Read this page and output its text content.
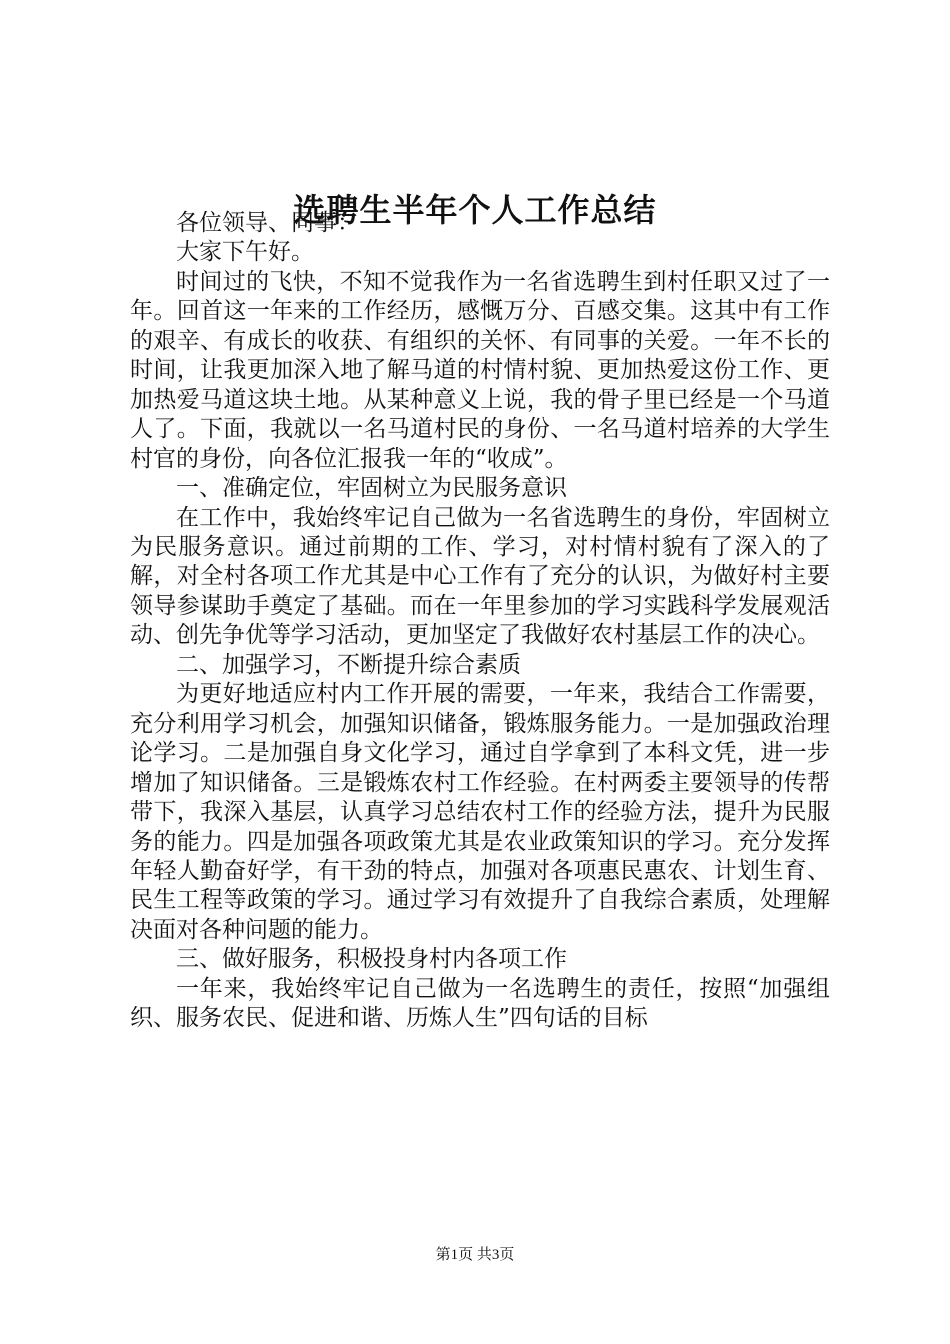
选聘生半年个人工作总结

各位领导、同事：

大家下午好。

时间过的飞快，不知不觉我作为一名省选聘生到村任职又过了一年。回首这一年来的工作经历，感慨万分、百感交集。这其中有工作的艰辛、有成长的收获、有组织的关怀、有同事的关爱。一年不长的时间，让我更加深入地了解马道的村情村貌、更加热爱这份工作、更加热爱马道这块土地。从某种意义上说，我的骨子里已经是一个马道人了。下面，我就以一名马道村民的身份、一名马道村培养的大学生村官的身份，向各位汇报我一年的“收成”。

一、准确定位，牢固树立为民服务意识

在工作中，我始终牢记自己做为一名省选聘生的身份，牢固树立为民服务意识。通过前期的工作、学习，对村情村貌有了深入的了解，对全村各项工作尤其是中心工作有了充分的认识，为做好村主要领导参谋助手奠定了基础。而在一年里参加的学习实践科学发展观活动、创先争优等学习活动，更加坚定了我做好农村基层工作的决心。

二、加强学习，不断提升综合素质

为更好地适应村内工作开展的需要，一年来，我结合工作需要，充分利用学习机会，加强知识储备，锻炼服务能力。一是加强政治理论学习。二是加强自身文化学习，通过自学拿到了本科文凭，进一步增加了知识储备。三是锻炼农村工作经验。在村两委主要领导的传帮带下，我深入基层，认真学习总结农村工作的经验方法，提升为民服务的能力。四是加强各项政策尤其是农业政策知识的学习。充分发挥年轻人勤奋好学，有干劲的特点，加强对各项惠民惠农、计划生育、民生工程等政策的学习。通过学习有效提升了自我综合素质，处理解决面对各种问题的能力。

三、做好服务，积极投身村内各项工作

一年来，我始终牢记自己做为一名选聘生的责任，按照“加强组织、服务农民、促进和谐、历炼人生”四句话的目标

第1页 共3页
